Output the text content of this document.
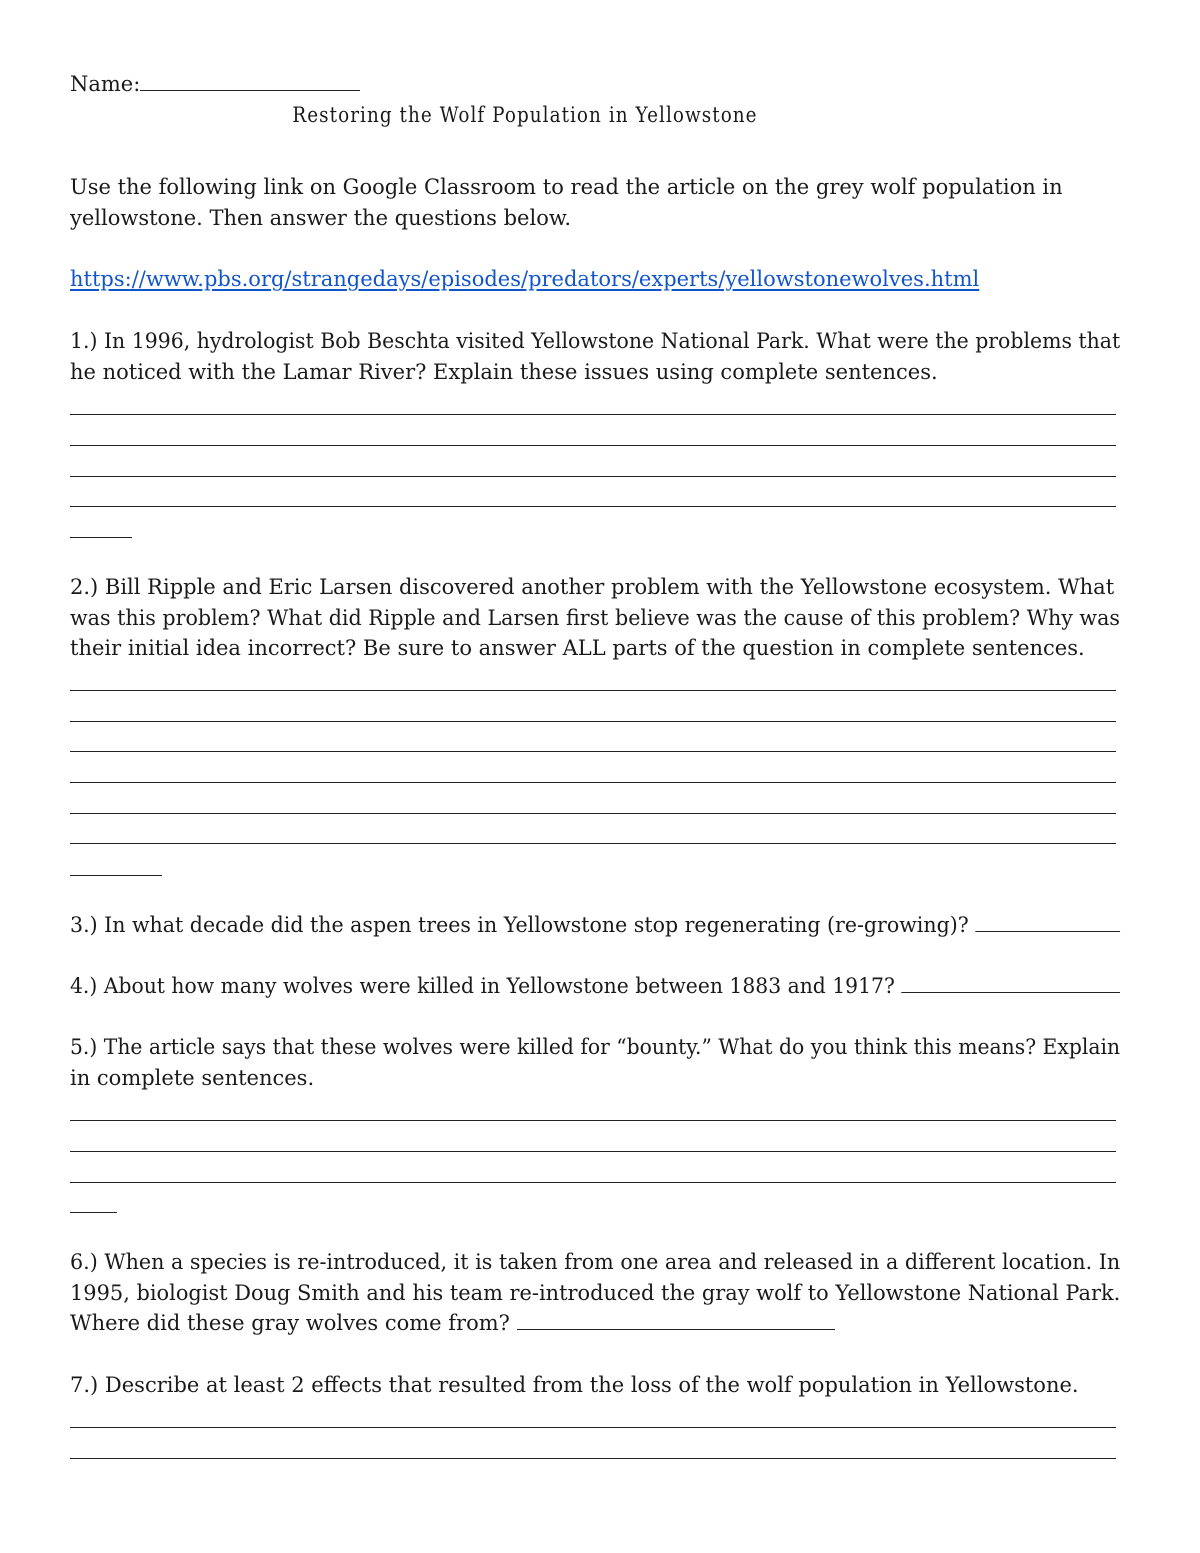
Name:
Restoring the Wolf Population in Yellowstone
Use the following link on Google Classroom to read the article on the grey wolf population in
yellowstone. Then answer the questions below.
https://www.pbs.org/strangedays/episodes/predators/experts/yellowstonewolves.html
1.) In 1996, hydrologist Bob Beschta visited Yellowstone National Park. What were the problems that
he noticed with the Lamar River? Explain these issues using complete sentences.
2.) Bill Ripple and Eric Larsen discovered another problem with the Yellowstone ecosystem. What
was this problem? What did Ripple and Larsen first believe was the cause of this problem? Why was
their initial idea incorrect? Be sure to answer ALL parts of the question in complete sentences.
3.) In what decade did the aspen trees in Yellowstone stop regenerating (re-growing)?
4.) About how many wolves were killed in Yellowstone between 1883 and 1917?
5.) The article says that these wolves were killed for “bounty.” What do you think this means? Explain
in complete sentences.
6.) When a species is re-introduced, it is taken from one area and released in a different location. In
1995, biologist Doug Smith and his team re-introduced the gray wolf to Yellowstone National Park.
Where did these gray wolves come from?
7.) Describe at least 2 effects that resulted from the loss of the wolf population in Yellowstone.
